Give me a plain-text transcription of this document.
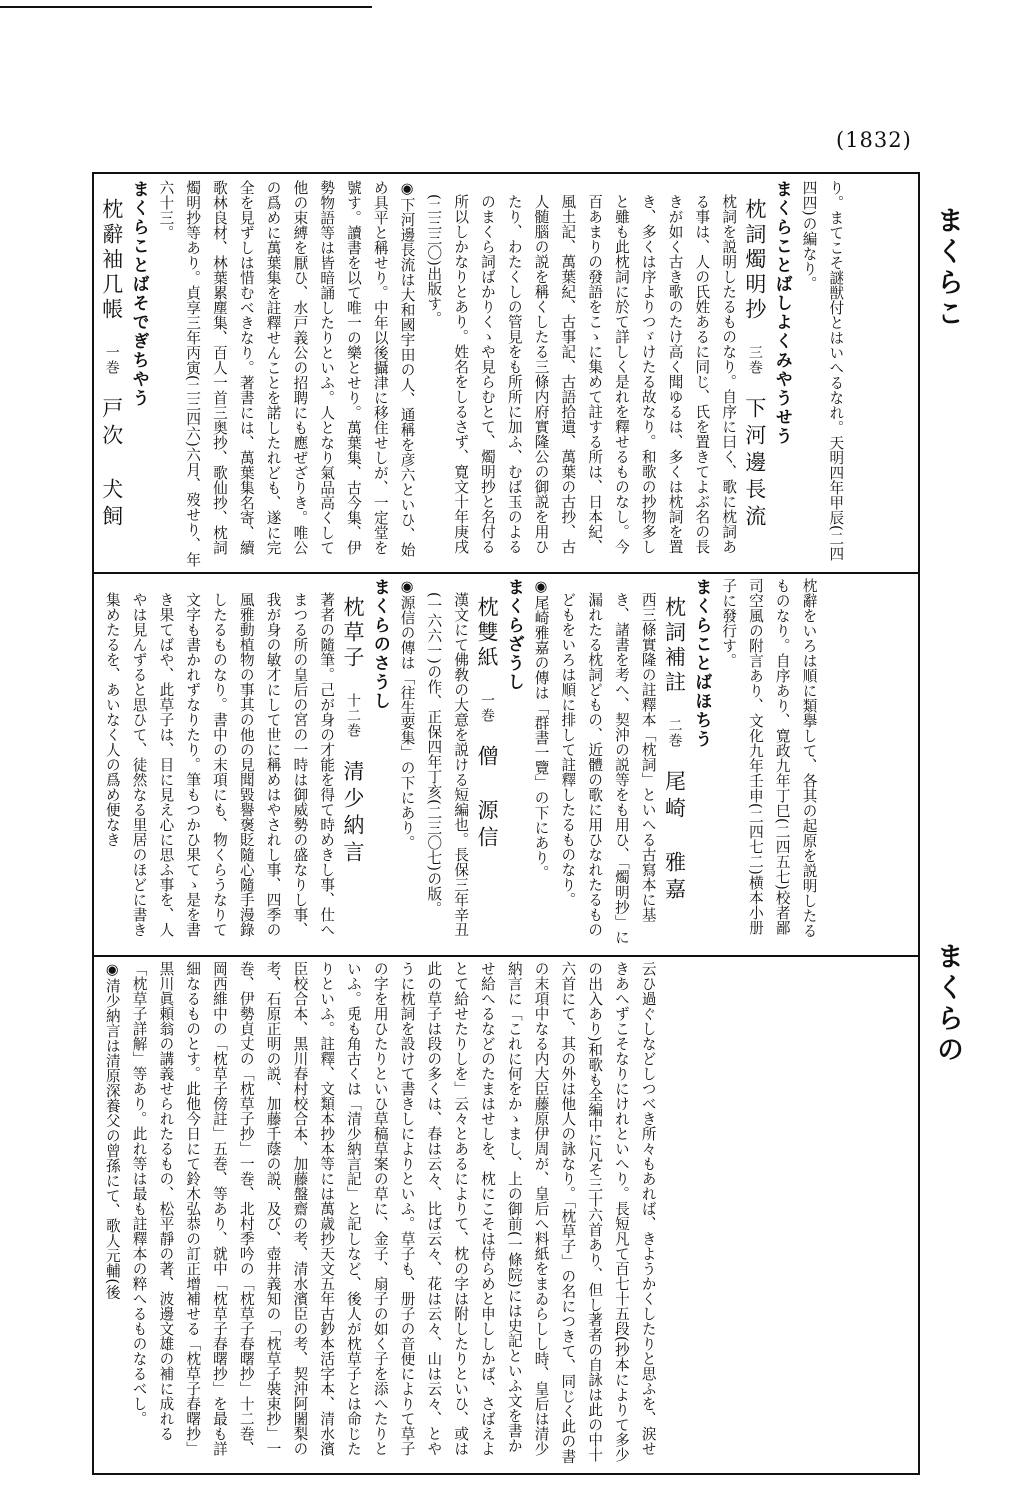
(1832)
まくらこ
まくらの

り。まてこそ謎獣付とはいへるなれ。天明四年甲辰(二四四四)の編なり。

まくらことばしよくみやうせう

枕詞燭明抄三巻下河邊長流

枕詞を説明したるものなり。自序に曰く、歌に枕詞ある事は、人の氏姓あるに同じ、氏を置きてよぶ名の長きが如く古き歌のたけ高く聞ゆるは、多くは枕詞を置き、多くは序よりつゞけたる故なり。和歌の抄物多しと雖も此枕詞に於て詳しく是れを釋せるものなし。今百あまりの發語をこゝに集めて註する所は、日本紀、風土記、萬葉紀、古事記、古語拾遺、萬葉の古抄、古人髄腦の説を稱くしたる三條内府實隆公の御説を用ひたり、わたくしの管見をも所所に加ふ、むば玉のよるのまくら詞ばかりくゝや見らむとて、燭明抄と名付る所以しかなりとあり。姓名をしるさず、寛文十年庚戌(二三三〇)出版す。

◉下河邊長流は大和國宇田の人、通稱を彦六といひ、始め具平と稱せり。中年以後攝津に移住せしが、一定堂を號す。讀書を以て唯一の樂とせり。萬葉集、古今集、伊勢物語等は皆暗誦したりといふ。人となり氣品高くして他の束縛を厭ひ、水戸義公の招聘にも應ぜざりき。唯公の爲めに萬葉集を註釋せんことを諾したれども、遂に完全を見ずしは惜むべきなり。著書には、萬葉集名寄、續歌林良材、林葉累塵集、百人一首三奥抄、歌仙抄、枕詞燭明抄等あり。貞享三年丙寅(二三四六)六月、歿せり、年六十三。

まくらことばそでぎちやう

枕辭袖几帳一巻戸次　犬飼

枕辭をいろは順に類擧して、各其の起原を説明したるものなり。自序あり、寛政九年丁巳(二四五七)校者鄙司空風の附言あり、文化九年壬申(二四七二)横本小册子に發行す。

まくらことばほちう

枕詞補註二巻尾崎　雅嘉

西三條實隆の註釋本「枕詞」といへる古寫本に基き、諸書を考へ、契沖の説等をも用ひ、「燭明抄」に漏れたる枕詞どもの、近體の歌に用ひなれたるものどもをいろは順に排して註釋したるものなり。

◉尾崎雅嘉の傳は「群書一覽」の下にあり。

まくらざうし

枕雙紙一巻僧　源信

漢文にて佛敎の大意を説ける短編也。長保三年辛丑(一六六一)の作、正保四年丁亥(二三〇七)の版。

◉源信の傳は「往生要集」の下にあり。

まくらのさうし

枕草子十二巻清少納言

著者の隨筆。己が身の才能を得て時めきし事、仕へまつる所の皇后の宮の一時は御威勢の盛なりし事、我が身の敏才にして世に稱めはやされし事、四季の風雅動植物の事其の他の見聞毀譽褒貶隨心隨手漫錄したるものなり。書中の末項にも、物くらうなりて文字も書かれずなりたり。筆もつかひ果てゝ是を書き果てばや、此草子は、目に見え心に思ふ事を、人やは見んずると思ひて、徒然なる里居のほどに書き集めたるを、あいなく人の爲め便なき

云ひ過ぐしなどしつべき所々もあれば、きようかくしたりと思ふを、涙せきあへずこそなりにけれといへり。長短凡て百七十五段(抄本によりて多少の出入あり)和歌も全編中に凡そ三十六首あり、但し著者の自詠は此の中十六首にて、其の外は他人の詠なり。「枕草子」の名につきて、同じく此の書の末項中なる内大臣藤原伊周が、皇后へ料紙をまゐらしし時、皇后は清少納言に「これに何をかゝまし、上の御前(一條院)には史記といふ文を書かせ給へるなどのたまはせしを、枕にこそは侍らめと申ししかば、さばえよとて給せたりしを」云々とあるによりて、枕の字は附したりといひ、或は此の草子は段の多くは、春は云々、比ば云々、花は云々、山は云々、とやうに枕詞を設けて書きしによりといふ。草子も、册子の音便によりて草子の字を用ひたりといひ草稿草案の草に、金子、扇子の如く子を添へたりといふ。兎も角古くは「清少納言記」と記しなど、後人が枕草子とは命じたりといふ。註釋、文類本抄本等には萬歳抄天文五年古鈔本活字本、清水濱臣校合本、黒川春村校合本、加藤盤齋の考、清水濱臣の考、契沖阿闍梨の考、石原正明の説、加藤千蔭の説、及び、壺井義知の「枕草子裝束抄」一巻、伊勢貞丈の「枕草子抄」一巻、北村季吟の「枕草子春曙抄」十二巻、岡西維中の「枕草子傍註」五巻、等あり、就中「枕草子春曙抄」を最も詳細なるものとす。此他今日にて鈴木弘恭の訂正增補せる「枕草子春曙抄」黒川眞頼翁の講義せられたるもの、松平靜の著、波邊文雄の補に成れる「枕草子詳解」等あり。此れ等は最も註釋本の粹へるものなるべし。

◉清少納言は清原深養父の曾孫にて、歌人元輔(後
